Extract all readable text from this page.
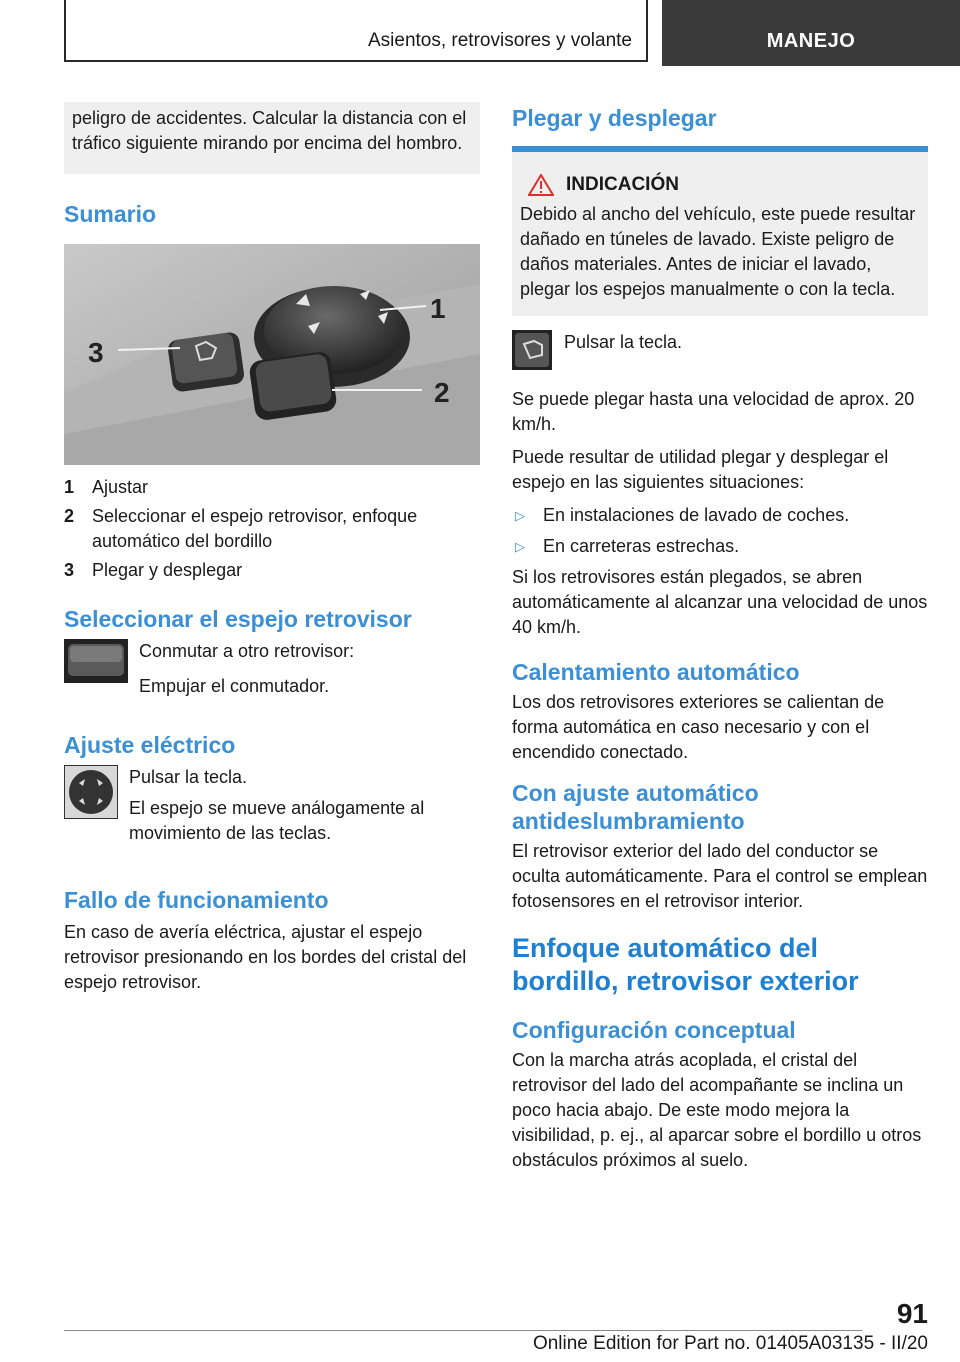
Asientos, retrovisores y volante	MANEJO

peligro de accidentes. Calcular la distancia con el tráfico siguiente mirando por encima del hombro.

Sumario
1
2
3
1 Ajustar
2 Seleccionar el espejo retrovisor, enfoque automático del bordillo
3 Plegar y desplegar
Seleccionar el espejo retrovisor

Conmutar a otro retrovisor:

Empujar el conmutador.

Ajuste eléctrico

Pulsar la tecla.

El espejo se mueve análogamente al movimiento de las teclas.

Fallo de funcionamiento

En caso de avería eléctrica, ajustar el espejo retrovisor presionando en los bordes del cristal del espejo retrovisor.

Plegar y desplegar
INDICACIÓN

Debido al ancho del vehículo, este puede resultar dañado en túneles de lavado. Existe peligro de daños materiales. Antes de iniciar el lavado, plegar los espejos manualmente o con la tecla.

Pulsar la tecla.

Se puede plegar hasta una velocidad de aprox. 20 km/h.

Puede resultar de utilidad plegar y desplegar el espejo en las siguientes situaciones:

▷	En instalaciones de lavado de coches.
▷	En carreteras estrechas.

Si los retrovisores están plegados, se abren automáticamente al alcanzar una velocidad de unos 40 km/h.

Calentamiento automático

Los dos retrovisores exteriores se calientan de forma automática en caso necesario y con el encendido conectado.

Con ajuste automático antideslumbramiento

El retrovisor exterior del lado del conductor se oculta automáticamente. Para el control se emplean fotosensores en el retrovisor interior.

Enfoque automático del bordillo, retrovisor exterior
Configuración conceptual

Con la marcha atrás acoplada, el cristal del retrovisor del lado del acompañante se inclina un poco hacia abajo. De este modo mejora la visibilidad, p. ej., al aparcar sobre el bordillo u otros obstáculos próximos al suelo.

91
Online Edition for Part no. 01405A03135 - II/20
